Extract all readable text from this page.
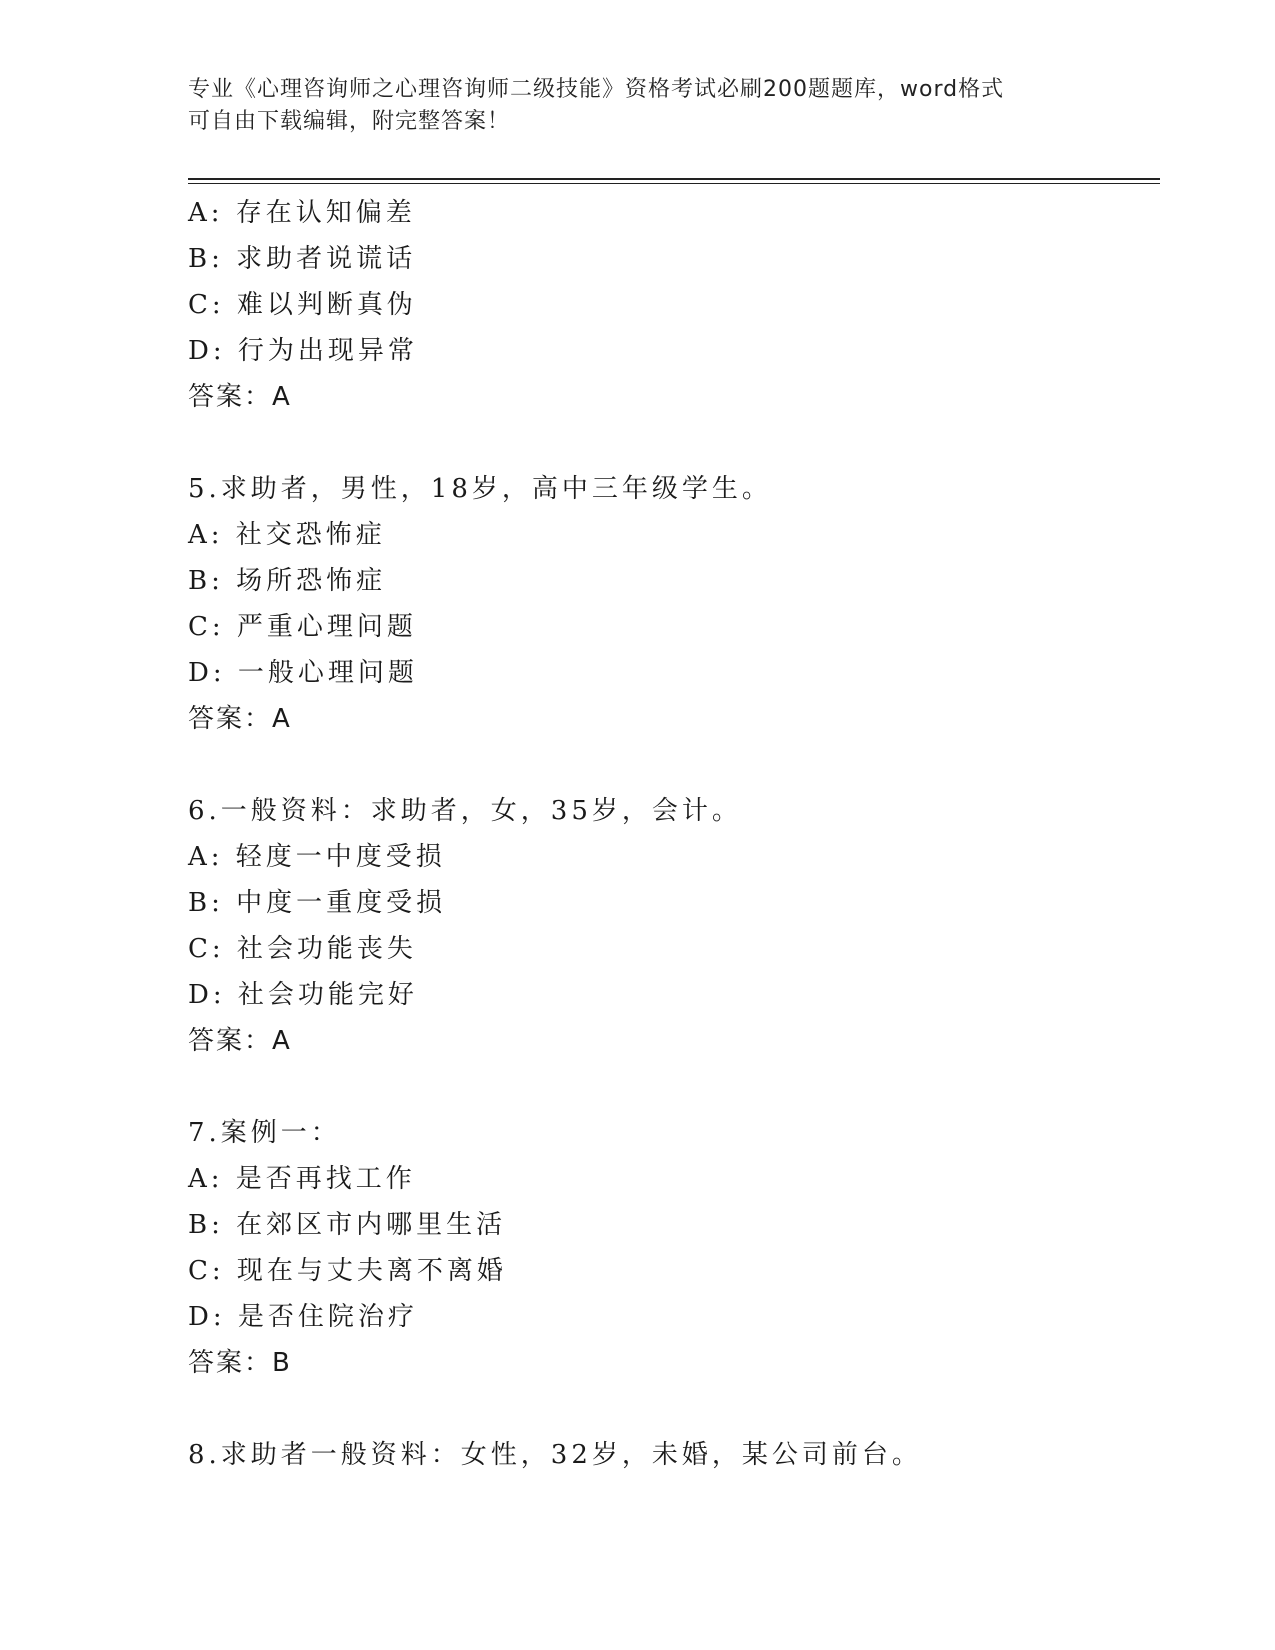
专业《心理咨询师之心理咨询师二级技能》资格考试必刷200题题库，word格式
可自由下载编辑，附完整答案！
A: 存在认知偏差
B: 求助者说谎话
C: 难以判断真伪
D: 行为出现异常
答案：A
5.求助者，男性，18岁，高中三年级学生。
A: 社交恐怖症
B: 场所恐怖症
C: 严重心理问题
D: 一般心理问题
答案：A
6.一般资料：求助者，女，35岁，会计。
A: 轻度一中度受损
B: 中度一重度受损
C: 社会功能丧失
D: 社会功能完好
答案：A
7.案例一：
A: 是否再找工作
B: 在郊区市内哪里生活
C: 现在与丈夫离不离婚
D: 是否住院治疗
答案：B
8.求助者一般资料：女性，32岁，未婚，某公司前台。
